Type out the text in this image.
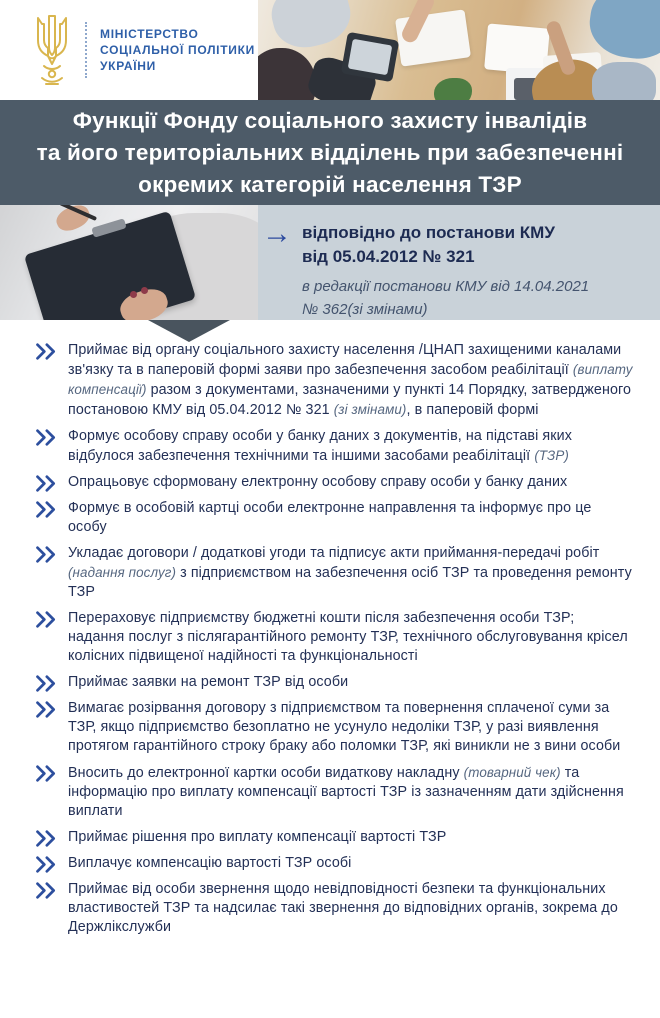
МІНІСТЕРСТВО
СОЦІАЛЬНОЇ ПОЛІТИКИ
УКРАЇНИ
Функції Фонду соціального захисту інвалідів
та його територіальних відділень при забезпеченні
окремих категорій населення ТЗР
→ відповідно до постанови КМУ
від 05.04.2012 № 321
в редакції постанови КМУ від 14.04.2021
№ 362(зі змінами)

Приймає від органу соціального захисту населення /ЦНАП захищеними каналами зв'язку та в паперовій формі заяви про забезпечення засобом реабілітації (виплату компенсації) разом з документами, зазначеними у пункті 14 Порядку, затвердженого постановою КМУ від 05.04.2012 № 321 (зі змінами), в паперовій формі

Формує особову справу особи у банку даних з документів, на підставі яких відбулося забезпечення технічними та іншими засобами реабілітації (ТЗР)

Опрацьовує сформовану електронну особову справу особи у банку даних

Формує в особовій картці особи електронне направлення та інформує про це особу

Укладає договори / додаткові угоди та підписує акти приймання-передачі робіт (надання послуг) з підприємством на забезпечення осіб ТЗР та проведення ремонту ТЗР

Перераховує підприємству бюджетні кошти після забезпечення особи ТЗР; надання послуг з післягарантійного ремонту ТЗР, технічного обслуговування крісел колісних підвищеної надійності та функціональності

Приймає заявки на ремонт ТЗР від особи

Вимагає розірвання договору з підприємством та повернення сплаченої суми за ТЗР, якщо підприємство безоплатно не усунуло недоліки ТЗР, у разі виявлення протягом гарантійного строку браку або поломки ТЗР, які виникли не з вини особи

Вносить до електронної картки особи видаткову накладну (товарний чек) та інформацію про виплату компенсації вартості ТЗР із зазначенням дати здійснення виплати

Приймає рішення про виплату компенсації вартості ТЗР

Виплачує компенсацію вартості ТЗР особі

Приймає від особи звернення щодо невідповідності безпеки та функціональних властивостей ТЗР та надсилає такі звернення до відповідних органів, зокрема до Держлікслужби
